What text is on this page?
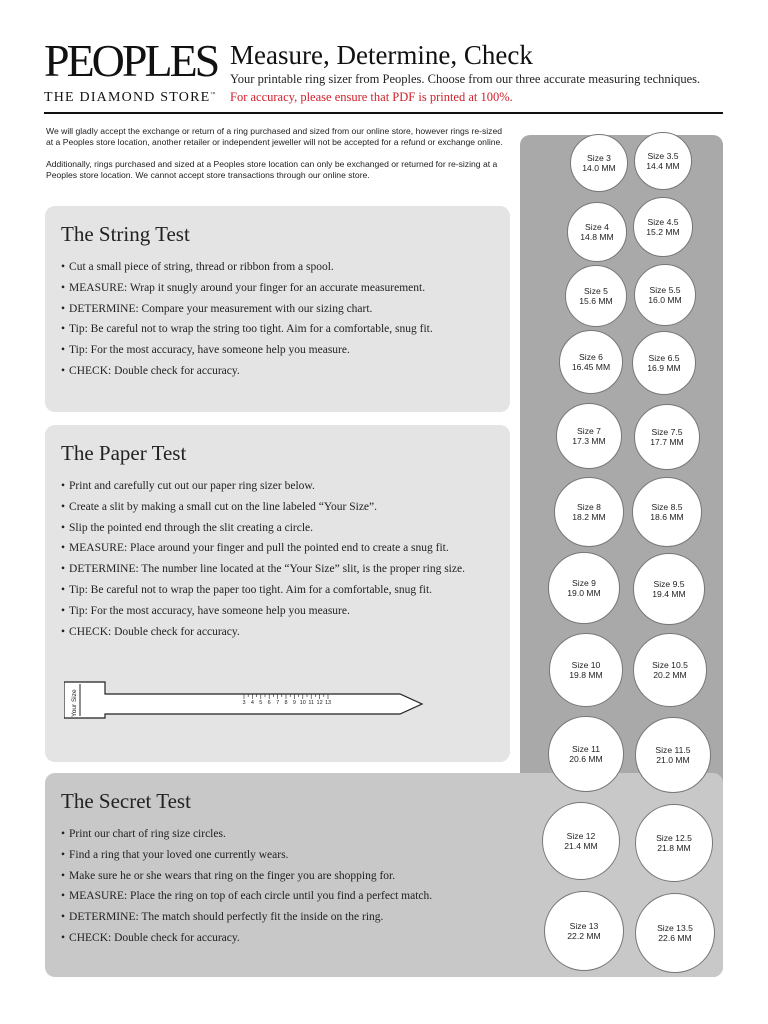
PEOPLES
THE DIAMOND STORE™
Measure, Determine, Check
Your printable ring sizer from Peoples. Choose from our three accurate measuring techniques.
For accuracy, please ensure that PDF is printed at 100%.

We will gladly accept the exchange or return of a ring purchased and sized from our online store, however rings re-sized at a Peoples store location, another retailer or independent jeweller will not be accepted for a refund or exchange online.

Additionally, rings purchased and sized at a Peoples store location can only be exchanged or returned for re-sizing at a Peoples store location. We cannot accept store transactions through our online store.

The String Test
• Cut a small piece of string, thread or ribbon from a spool.
• MEASURE: Wrap it snugly around your finger for an accurate measurement.
• DETERMINE: Compare your measurement with our sizing chart.
• Tip: Be careful not to wrap the string too tight. Aim for a comfortable, snug fit.
• Tip: For the most accuracy, have someone help you measure.
• CHECK: Double check for accuracy.
The Paper Test
• Print and carefully cut out our paper ring sizer below.
• Create a slit by making a small cut on the line labeled “Your Size”.
• Slip the pointed end through the slit creating a circle.
• MEASURE: Place around your finger and pull the pointed end to create a snug fit.
• DETERMINE: The number line located at the “Your Size” slit, is the proper ring size.
• Tip: Be careful not to wrap the paper too tight. Aim for a comfortable, snug fit.
• Tip: For the most accuracy, have someone help you measure.
• CHECK: Double check for accuracy.
Your Size	3 4 5 6 7 8 9 10 11 12 13
The Secret Test
• Print our chart of ring size circles.
• Find a ring that your loved one currently wears.
• Make sure he or she wears that ring on the finger you are shopping for.
• MEASURE: Place the ring on top of each circle until you find a perfect match.
• DETERMINE: The match should perfectly fit the inside on the ring.
• CHECK: Double check for accuracy.
Size 3
14.0 MM
Size 3.5
14.4 MM
Size 4
14.8 MM
Size 4.5
15.2 MM
Size 5
15.6 MM
Size 5.5
16.0 MM
Size 6
16.45 MM
Size 6.5
16.9 MM
Size 7
17.3 MM
Size 7.5
17.7 MM
Size 8
18.2 MM
Size 8.5
18.6 MM
Size 9
19.0 MM
Size 9.5
19.4 MM
Size 10
19.8 MM
Size 10.5
20.2 MM
Size 11
20.6 MM
Size 11.5
21.0 MM
Size 12
21.4 MM
Size 12.5
21.8 MM
Size 13
22.2 MM
Size 13.5
22.6 MM
